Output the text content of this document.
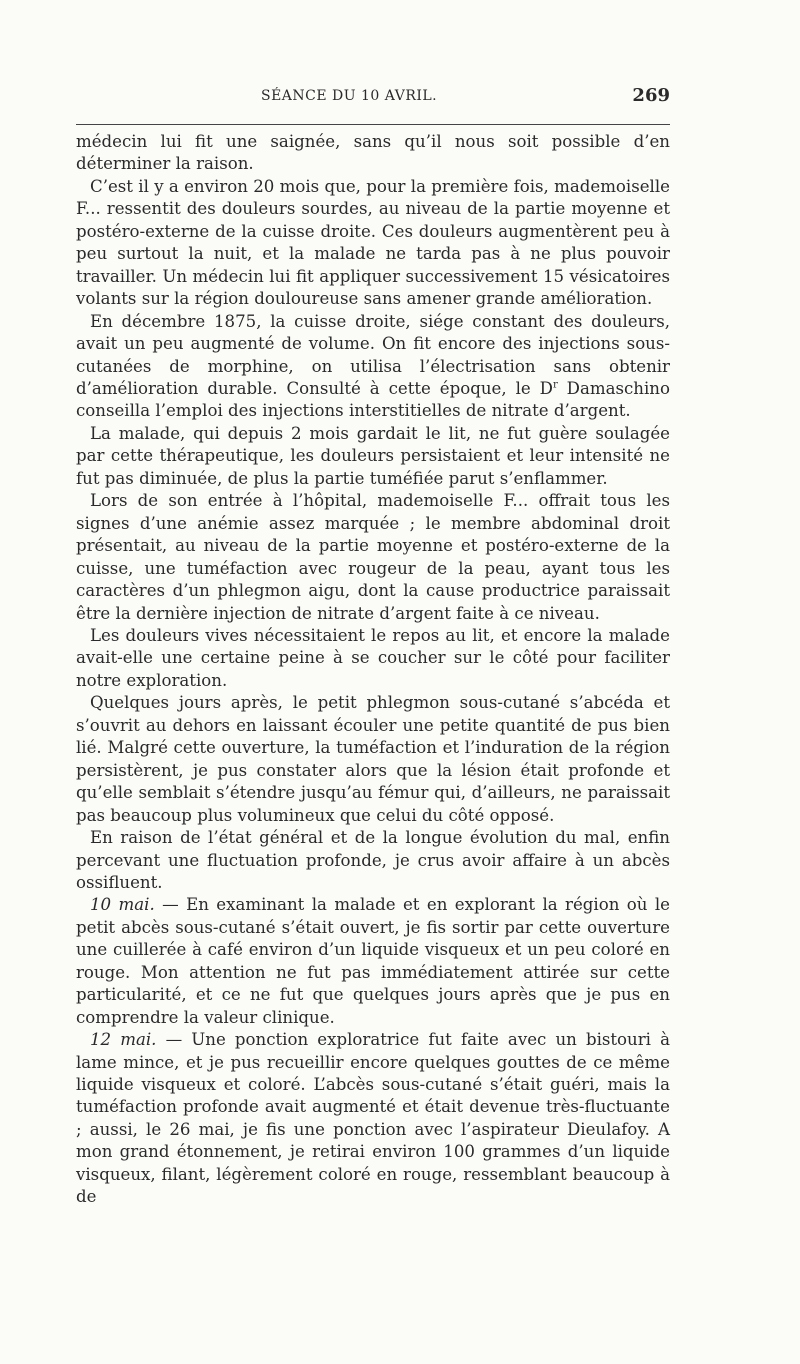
SÉANCE DU 10 AVRIL.	269

médecin lui fit une saignée, sans qu’il nous soit possible d’en déterminer la raison.

C’est il y a environ 20 mois que, pour la première fois, mademoiselle F... ressentit des douleurs sourdes, au niveau de la partie moyenne et postéro-externe de la cuisse droite. Ces douleurs augmentèrent peu à peu surtout la nuit, et la malade ne tarda pas à ne plus pouvoir travailler. Un médecin lui fit appliquer successivement 15 vésicatoires volants sur la région douloureuse sans amener grande amélioration.

En décembre 1875, la cuisse droite, siége constant des douleurs, avait un peu augmenté de volume. On fit encore des injections sous-cutanées de morphine, on utilisa l’électrisation sans obtenir d’amélioration durable. Consulté à cette époque, le $D^r$ Damaschino conseilla l’emploi des injections interstitielles de nitrate d’argent.

La malade, qui depuis 2 mois gardait le lit, ne fut guère soulagée par cette thérapeutique, les douleurs persistaient et leur intensité ne fut pas diminuée, de plus la partie tuméfiée parut s’enflammer.

Lors de son entrée à l’hôpital, mademoiselle F... offrait tous les signes d’une anémie assez marquée ; le membre abdominal droit présentait, au niveau de la partie moyenne et postéro-externe de la cuisse, une tuméfaction avec rougeur de la peau, ayant tous les caractères d’un phlegmon aigu, dont la cause productrice paraissait être la dernière injection de nitrate d’argent faite à ce niveau.

Les douleurs vives nécessitaient le repos au lit, et encore la malade avait-elle une certaine peine à se coucher sur le côté pour faciliter notre exploration.

Quelques jours après, le petit phlegmon sous-cutané s’abcéda et s’ouvrit au dehors en laissant écouler une petite quantité de pus bien lié. Malgré cette ouverture, la tuméfaction et l’induration de la région persistèrent, je pus constater alors que la lésion était profonde et qu’elle semblait s’étendre jusqu’au fémur qui, d’ailleurs, ne paraissait pas beaucoup plus volumineux que celui du côté opposé.

En raison de l’état général et de la longue évolution du mal, enfin percevant une fluctuation profonde, je crus avoir affaire à un abcès ossifluent.

10 mai. — En examinant la malade et en explorant la région où le petit abcès sous-cutané s’était ouvert, je fis sortir par cette ouverture une cuillerée à café environ d’un liquide visqueux et un peu coloré en rouge. Mon attention ne fut pas immédiatement attirée sur cette particularité, et ce ne fut que quelques jours après que je pus en comprendre la valeur clinique.

12 mai. — Une ponction exploratrice fut faite avec un bistouri à lame mince, et je pus recueillir encore quelques gouttes de ce même liquide visqueux et coloré. L’abcès sous-cutané s’était guéri, mais la tuméfaction profonde avait augmenté et était devenue très-fluctuante ; aussi, le 26 mai, je fis une ponction avec l’aspirateur Dieulafoy. A mon grand étonnement, je retirai environ 100 grammes d’un liquide visqueux, filant, légèrement coloré en rouge, ressemblant beaucoup à de
